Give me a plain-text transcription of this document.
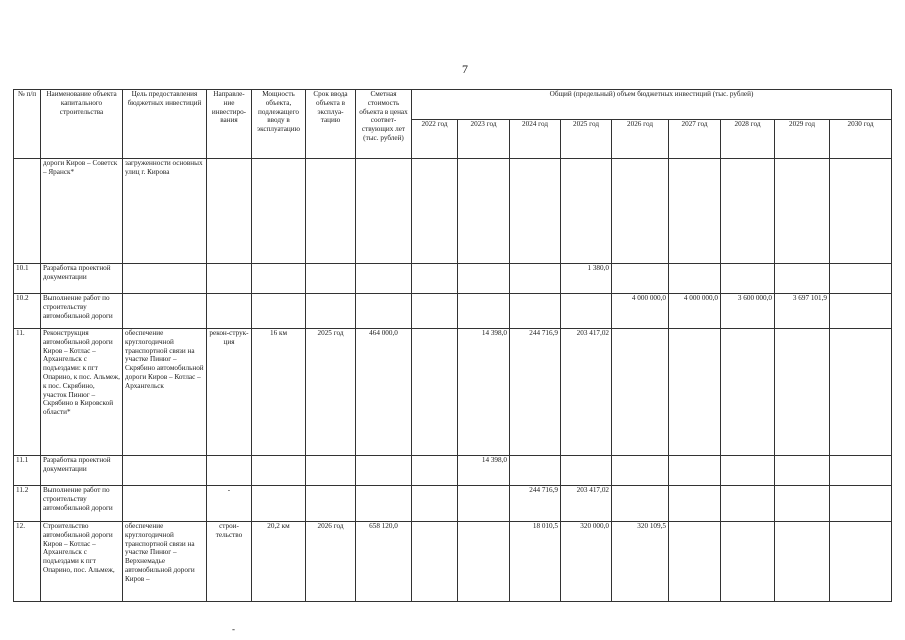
7
№ п/п	Наименование объекта капитального строительства	Цель предоставления бюджетных инвестиций	Направле-ние инвестиро-вания	Мощность объекта, подлежащего вводу в эксплуатацию	Срок ввода объекта в эксплуа-тацию	Сметная стоимость объекта в ценах соответ-ствующих лет (тыс. рублей)	Общий (предельный) объем бюджетных инвестиций (тыс. рублей)								
							2022 год	2023 год	2024 год	2025 год	2026 год	2027 год	2028 год	2029 год	2030 год
	дороги Киров – Советск – Яранск*	загруженности основных улиц г. Кирова													
10.1	Разработка проектной документации									1 380,0					
10.2	Выполнение работ по строительству автомобильной дороги										4 000 000,0	4 000 000,0	3 600 000,0	3 697 101,9	
11.	Реконструкция автомобильной дороги Киров – Котлас – Архангельск с подъездами: к пгт Опарино, к пос. Альмеж, к пос. Скрябино, участок Пинюг – Скрябино в Кировской области*	обеспечение круглогодичной транспортной связи на участке Пинюг – Скрябино автомобильной дороги Киров – Котлас – Архангельск	рекон-струк-ция	16 км	2025 год	464 000,0		14 398,0	244 716,9	203 417,02					
11.1	Разработка проектной документации							14 398,0							
11.2	Выполнение работ по строительству автомобильной дороги		-						244 716,9	203 417,02					
12.	Строительство автомобильной дороги Киров – Котлас – Архангельск с подъездами к пгт Опарино, пос. Альмеж,	обеспечение круглогодичной транспортной связи на участке Пинюг – Верхнемадье автомобильной дороги Киров –	строи-тельство	20,2 км	2026 год	658 120,0			18 010,5	320 000,0	320 109,5				
-
